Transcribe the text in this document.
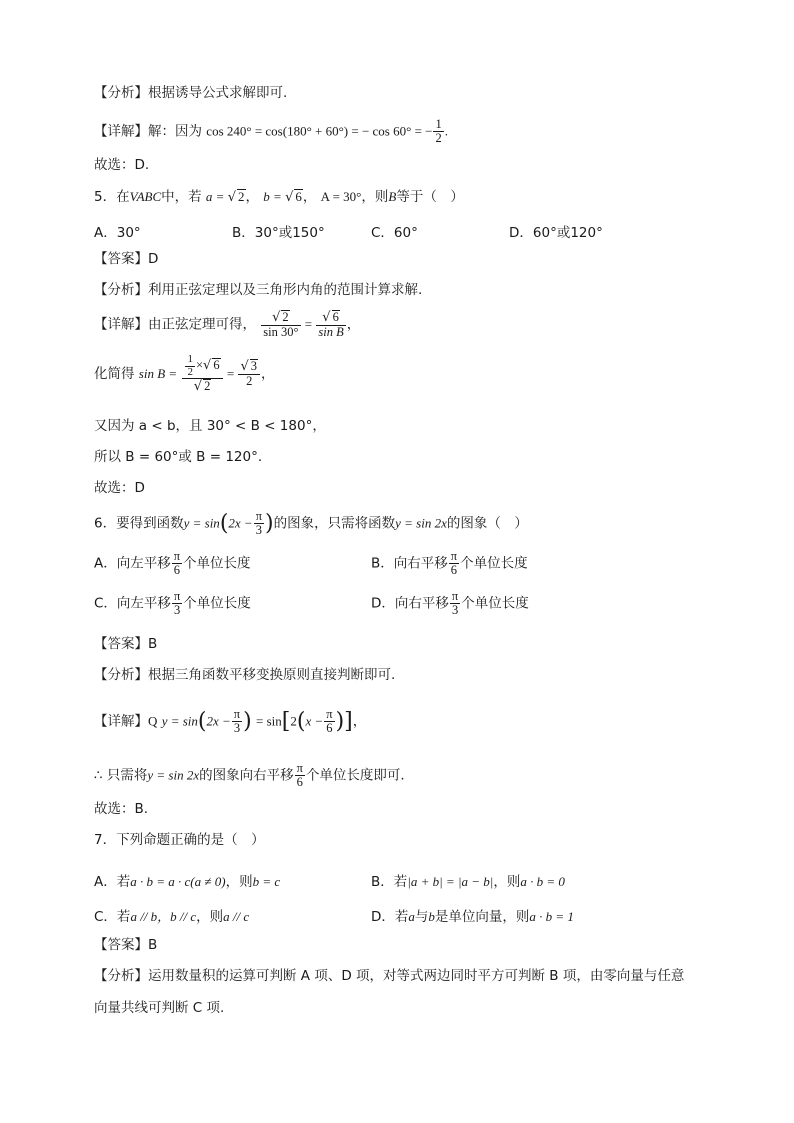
【分析】根据诱导公式求解即可.
【详解】解：因为 cos 240° = cos(180° + 60°) = − cos 60° = − $\frac{1}{2}$ .
故选：D.
5．在VABC中，若 a = √ 2， b = √ 6， A = 30°，则B等于（　）
A．30°	B．30°或150°	C．60°	D．60°或120°
【答案】D
【分析】利用正弦定理以及三角形内角的范围计算求解.
【详解】由正弦定理可得， $\frac{√ 2}{\sin 30^\circ} = \frac{√ 6}{\text{sin B}}$ ，
化简得 $\sin B = \frac{\frac{1}{2} \times√ 6}{√ 2} = \frac{√ 3}{2}$ ，
又因为 a < b，且 30° < B < 180°，
所以 B = 60°或 B = 120°.
故选：D
6．要得到函数$y = \sin(2x - \frac{\pi}{3}$ )的图象，只需将函数y = sin 2x的图象（　）
A．向左平移 $\frac{\pi}{6}$ 个单位长度	B．向右平移 $\frac{\pi}{6}$ 个单位长度
C．向左平移 $\frac{\pi}{3}$ 个单位长度	D．向右平移 $\frac{\pi}{3}$ 个单位长度
【答案】B
【分析】根据三角函数平移变换原则直接判断即可.
【详解】Q $y = \sin(2x - \frac{\pi}{3}$ ) = $\sin[2(x - \frac{\pi}{6}$ )]，
∴ 只需将y = sin 2x的图象向右平移 $\frac{\pi}{6}$ 个单位长度即可.
故选：B.
7．下列命题正确的是（　）
A．若a · b = a · c(a ≠ 0)，则b = c	B．若|a + b| = |a − b|，则a · b = 0
C．若a // b，b // c，则a // c	D．若a与b是单位向量，则a · b = 1
【答案】B
【分析】运用数量积的运算可判断 A 项、D 项，对等式两边同时平方可判断 B 项，由零向量与任意
向量共线可判断 C 项.
